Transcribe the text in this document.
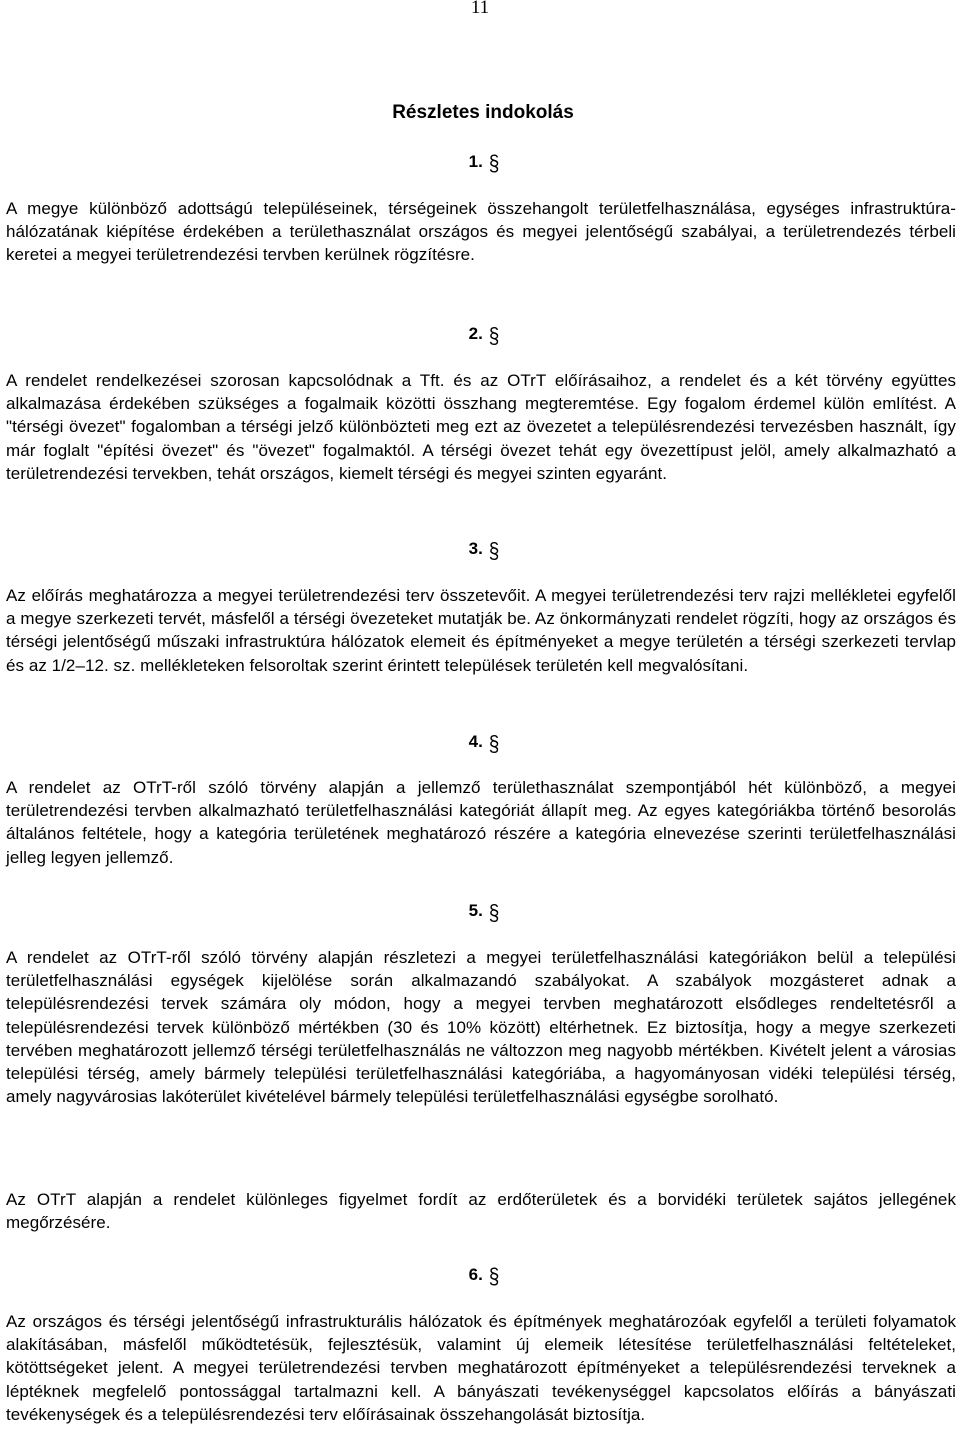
11
Részletes indokolás
1. §

A megye különböző adottságú településeinek, térségeinek összehangolt területfelhasználása, egységes infrastruktúra-hálózatának kiépítése érdekében a területhasználat országos és megyei jelentőségű szabályai, a területrendezés térbeli keretei a megyei területrendezési tervben kerülnek rögzítésre.

2. §

A rendelet rendelkezései szorosan kapcsolódnak a Tft. és az OTrT előírásaihoz, a rendelet és a két törvény együttes alkalmazása érdekében szükséges a fogalmaik közötti összhang megteremtése. Egy fogalom érdemel külön említést. A "térségi övezet" fogalomban a térségi jelző különbözteti meg ezt az övezetet a településrendezési tervezésben használt, így már foglalt "építési övezet" és "övezet" fogalmaktól. A térségi övezet tehát egy övezettípust jelöl, amely alkalmazható a területrendezési tervekben, tehát országos, kiemelt térségi és megyei szinten egyaránt.

3. §

Az előírás meghatározza a megyei területrendezési terv összetevőit. A megyei területrendezési terv rajzi mellékletei egyfelől a megye szerkezeti tervét, másfelől a térségi övezeteket mutatják be. Az önkormányzati rendelet rögzíti, hogy az országos és térségi jelentőségű műszaki infrastruktúra hálózatok elemeit és építményeket a megye területén a térségi szerkezeti tervlap és az 1/2–12. sz. mellékleteken felsoroltak szerint érintett települések területén kell megvalósítani.

4. §

A rendelet az OTrT-ről szóló törvény alapján a jellemző területhasználat szempontjából hét különböző, a megyei területrendezési tervben alkalmazható területfelhasználási kategóriát állapít meg. Az egyes kategóriákba történő besorolás általános feltétele, hogy a kategória területének meghatározó részére a kategória elnevezése szerinti területfelhasználási jelleg legyen jellemző.

5. §

A rendelet az OTrT-ről szóló törvény alapján részletezi a megyei területfelhasználási kategóriákon belül a települési területfelhasználási egységek kijelölése során alkalmazandó szabályokat. A szabályok mozgásteret adnak a településrendezési tervek számára oly módon, hogy a megyei tervben meghatározott elsődleges rendeltetésről a településrendezési tervek különböző mértékben (30 és 10% között) eltérhetnek. Ez biztosítja, hogy a megye szerkezeti tervében meghatározott jellemző térségi területfelhasználás ne változzon meg nagyobb mértékben. Kivételt jelent a városias települési térség, amely bármely települési területfelhasználási kategóriába, a hagyományosan vidéki települési térség, amely nagyvárosias lakóterület kivételével bármely települési területfelhasználási egységbe sorolható.

Az OTrT alapján a rendelet különleges figyelmet fordít az erdőterületek és a borvidéki területek sajátos jellegének megőrzésére.

6. §

Az országos és térségi jelentőségű infrastrukturális hálózatok és építmények meghatározóak egyfelől a területi folyamatok alakításában, másfelől működtetésük, fejlesztésük, valamint új elemeik létesítése területfelhasználási feltételeket, kötöttségeket jelent. A megyei területrendezési tervben meghatározott építményeket a településrendezési terveknek a léptéknek megfelelő pontossággal tartalmazni kell. A bányászati tevékenységgel kapcsolatos előírás a bányászati tevékenységek és a településrendezési terv előírásainak összehangolását biztosítja.
